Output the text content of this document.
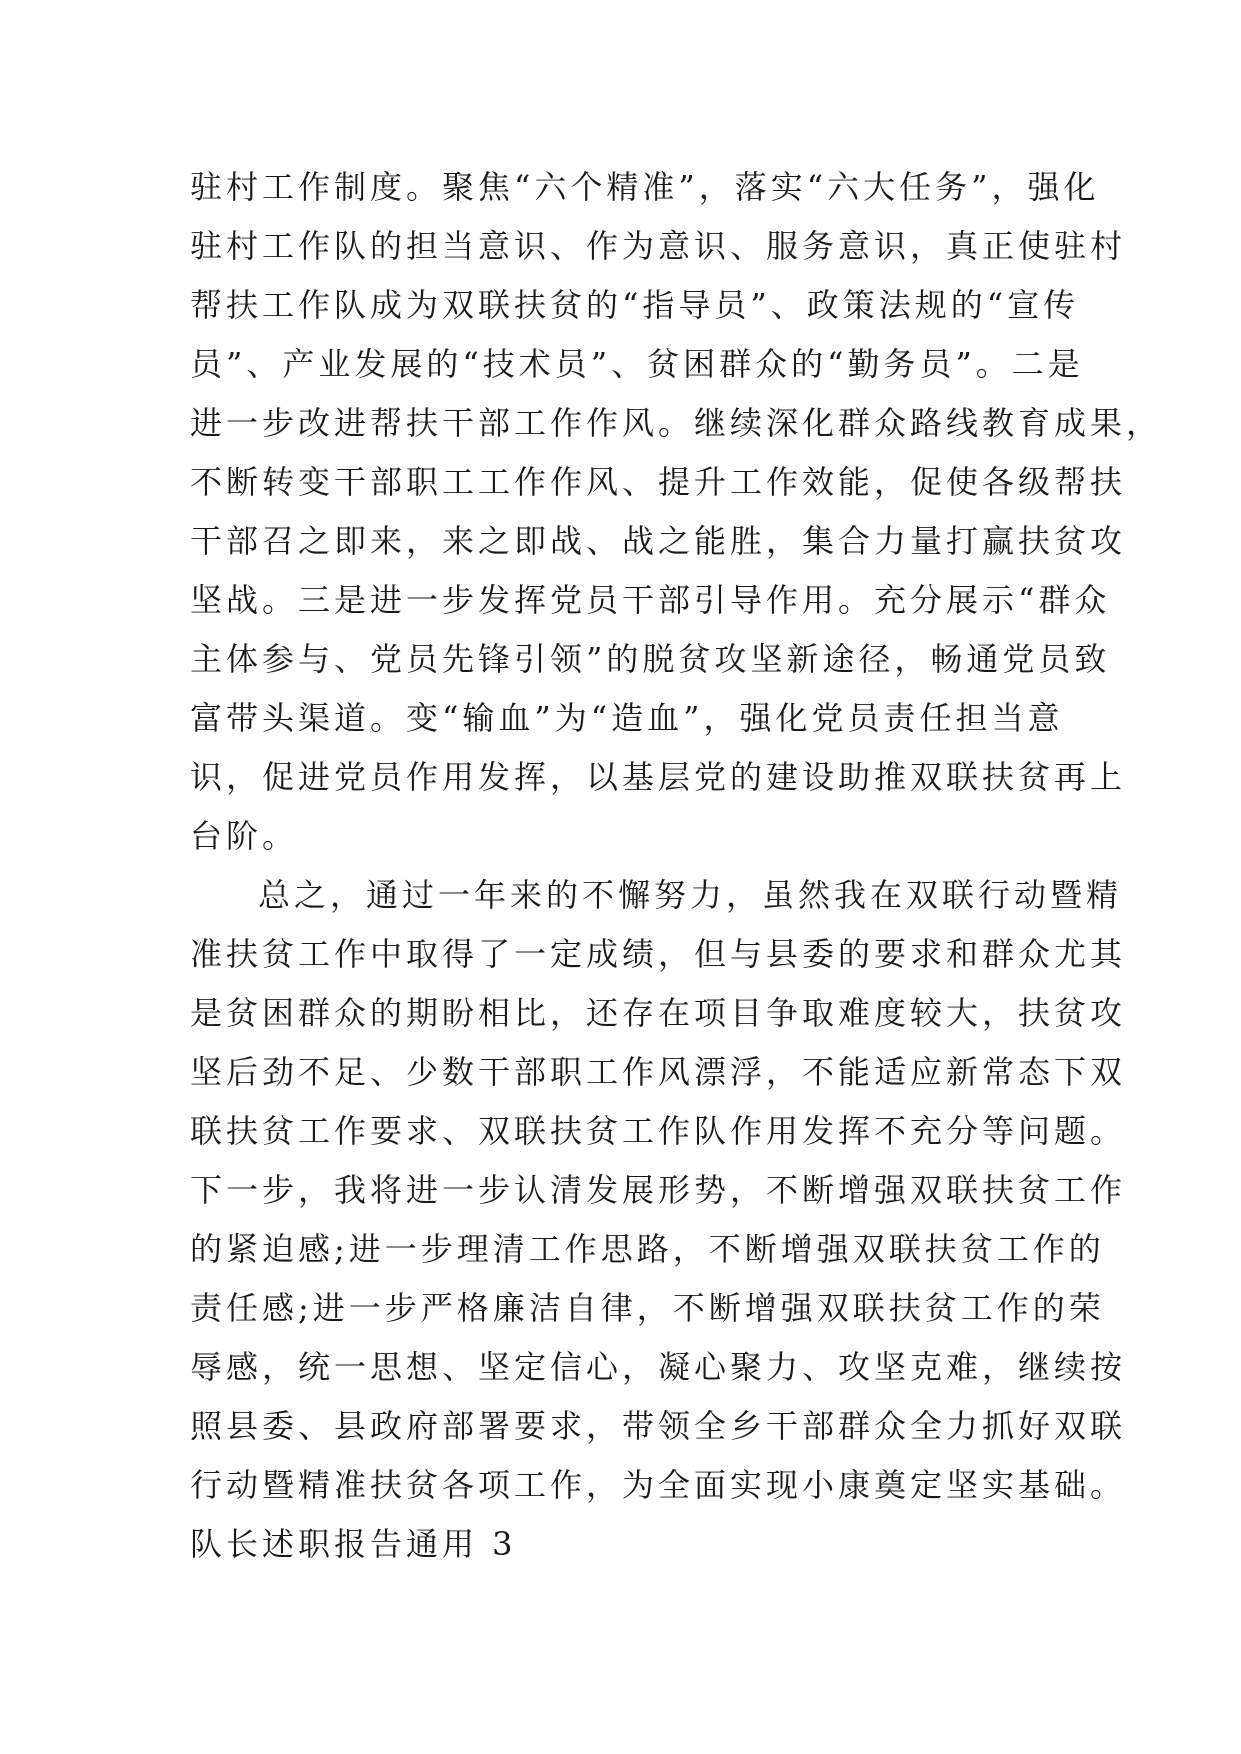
驻村工作制度。聚焦“六个精准”，落实“六大任务”，强化
驻村工作队的担当意识、作为意识、服务意识，真正使驻村
帮扶工作队成为双联扶贫的“指导员”、政策法规的“宣传
员”、产业发展的“技术员”、贫困群众的“勤务员”。二是
进一步改进帮扶干部工作作风。继续深化群众路线教育成果，
不断转变干部职工工作作风、提升工作效能，促使各级帮扶
干部召之即来，来之即战、战之能胜，集合力量打赢扶贫攻
坚战。三是进一步发挥党员干部引导作用。充分展示“群众
主体参与、党员先锋引领”的脱贫攻坚新途径，畅通党员致
富带头渠道。变“输血”为“造血”，强化党员责任担当意
识，促进党员作用发挥，以基层党的建设助推双联扶贫再上
台阶。
总之，通过一年来的不懈努力，虽然我在双联行动暨精
准扶贫工作中取得了一定成绩，但与县委的要求和群众尤其
是贫困群众的期盼相比，还存在项目争取难度较大，扶贫攻
坚后劲不足、少数干部职工作风漂浮，不能适应新常态下双
联扶贫工作要求、双联扶贫工作队作用发挥不充分等问题。
下一步，我将进一步认清发展形势，不断增强双联扶贫工作
的紧迫感;进一步理清工作思路，不断增强双联扶贫工作的
责任感;进一步严格廉洁自律，不断增强双联扶贫工作的荣
辱感，统一思想、坚定信心，凝心聚力、攻坚克难，继续按
照县委、县政府部署要求，带领全乡干部群众全力抓好双联
行动暨精准扶贫各项工作，为全面实现小康奠定坚实基础。
队长述职报告通用 3
